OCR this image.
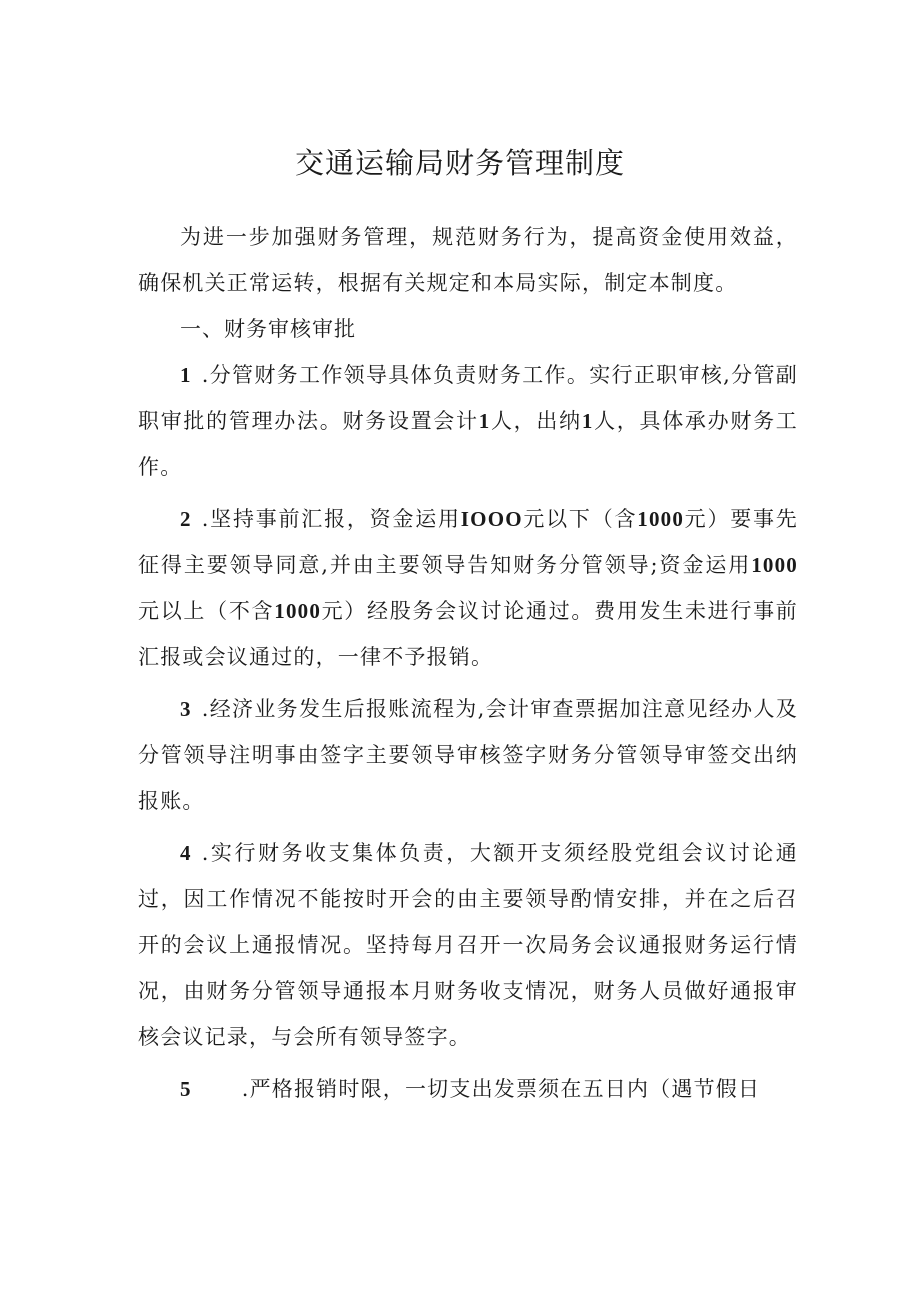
交通运输局财务管理制度

为进一步加强财务管理，规范财务行为，提高资金使用效益，确保机关正常运转，根据有关规定和本局实际，制定本制度。

一、财务审核审批

1 .分管财务工作领导具体负责财务工作。实行正职审核,分管副职审批的管理办法。财务设置会计1人，出纳1人，具体承办财务工作。

2 .坚持事前汇报，资金运用IOOO元以下（含1000元）要事先征得主要领导同意,并由主要领导告知财务分管领导;资金运用1000元以上（不含1000元）经股务会议讨论通过。费用发生未进行事前汇报或会议通过的，一律不予报销。

3 .经济业务发生后报账流程为,会计审查票据加注意见经办人及分管领导注明事由签字主要领导审核签字财务分管领导审签交出纳报账。

4 .实行财务收支集体负责，大额开支须经股党组会议讨论通过，因工作情况不能按时开会的由主要领导酌情安排，并在之后召开的会议上通报情况。坚持每月召开一次局务会议通报财务运行情况，由财务分管领导通报本月财务收支情况，财务人员做好通报审核会议记录，与会所有领导签字。

5 .严格报销时限，一切支出发票须在五日内（遇节假日
